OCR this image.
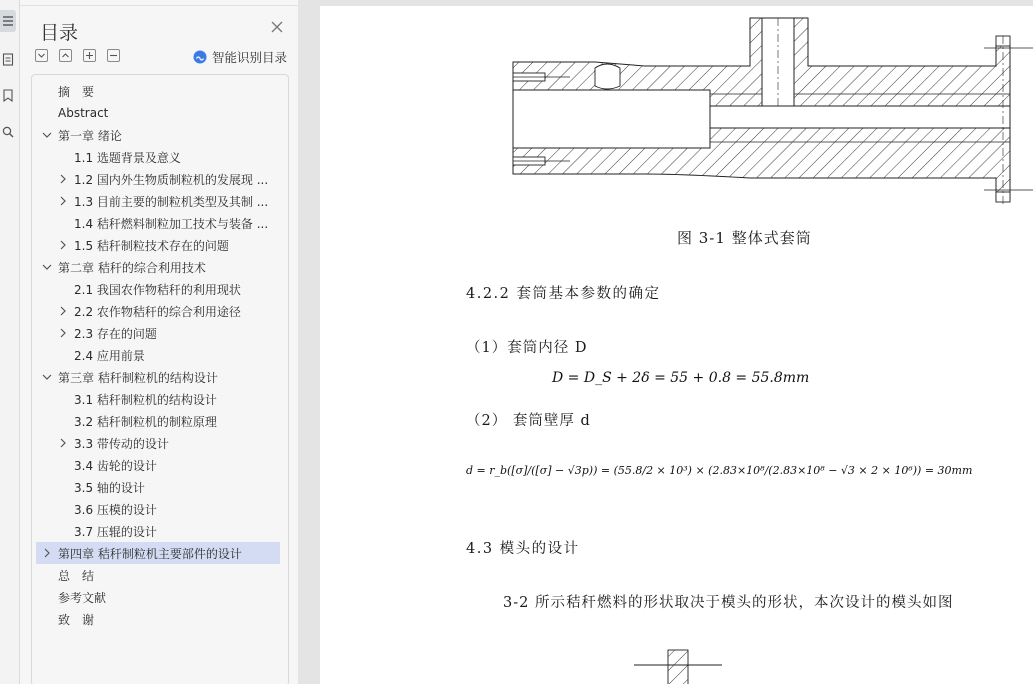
目录
智能识别目录
摘　要
Abstract
第一章 绪论
1.1 选题背景及意义
1.2 国内外生物质制粒机的发展现 ...
1.3 目前主要的制粒机类型及其制 ...
1.4 秸秆燃料制粒加工技术与装备 ...
1.5 秸秆制粒技术存在的问题
第二章 秸秆的综合利用技术
2.1 我国农作物秸秆的利用现状
2.2 农作物秸秆的综合利用途径
2.3 存在的问题
2.4 应用前景
第三章 秸秆制粒机的结构设计
3.1 秸秆制粒机的结构设计
3.2 秸秆制粒机的制粒原理
3.3 带传动的设计
3.4 齿轮的设计
3.5 轴的设计
3.6 压模的设计
3.7 压辊的设计
第四章 秸秆制粒机主要部件的设计
总　结
参考文献
致　谢
图 3-1 整体式套筒
4.2.2 套筒基本参数的确定
（1）套筒内径 D
D = D_S + 2δ = 55 + 0.8 = 55.8mm
（2） 套筒壁厚 d
d = r_b([σ]/([σ] − √3p)) = (55.8/2 × 10³) × (2.83×10⁸/(2.83×10⁸ − √3 × 2 × 10⁶)) = 30mm
4.3 模头的设计
3-2 所示秸秆燃料的形状取决于模头的形状，本次设计的模头如图
